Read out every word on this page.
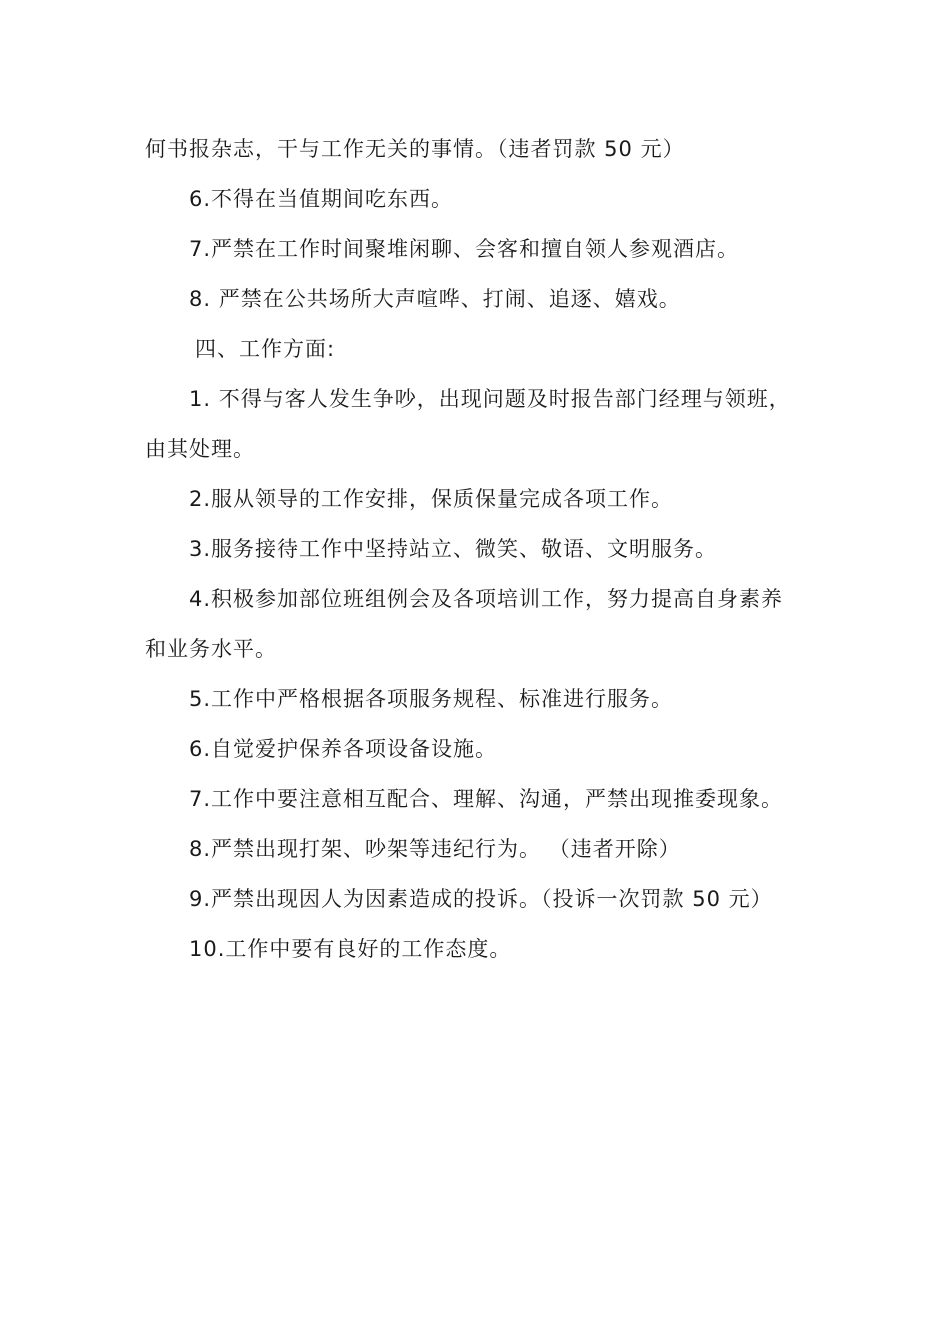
何书报杂志，干与工作无关的事情。（违者罚款 50 元）
6.不得在当值期间吃东西。
7.严禁在工作时间聚堆闲聊、会客和擅自领人参观酒店。
8. 严禁在公共场所大声喧哗、打闹、追逐、嬉戏。
四、工作方面:
1. 不得与客人发生争吵，出现问题及时报告部门经理与领班，
由其处理。
2.服从领导的工作安排，保质保量完成各项工作。
3.服务接待工作中坚持站立、微笑、敬语、文明服务。
4.积极参加部位班组例会及各项培训工作，努力提高自身素养
和业务水平。
5.工作中严格根据各项服务规程、标准进行服务。
6.自觉爱护保养各项设备设施。
7.工作中要注意相互配合、理解、沟通，严禁出现推委现象。
8.严禁出现打架、吵架等违纪行为。 （违者开除）
9.严禁出现因人为因素造成的投诉。（投诉一次罚款 50 元）
10.工作中要有良好的工作态度。
